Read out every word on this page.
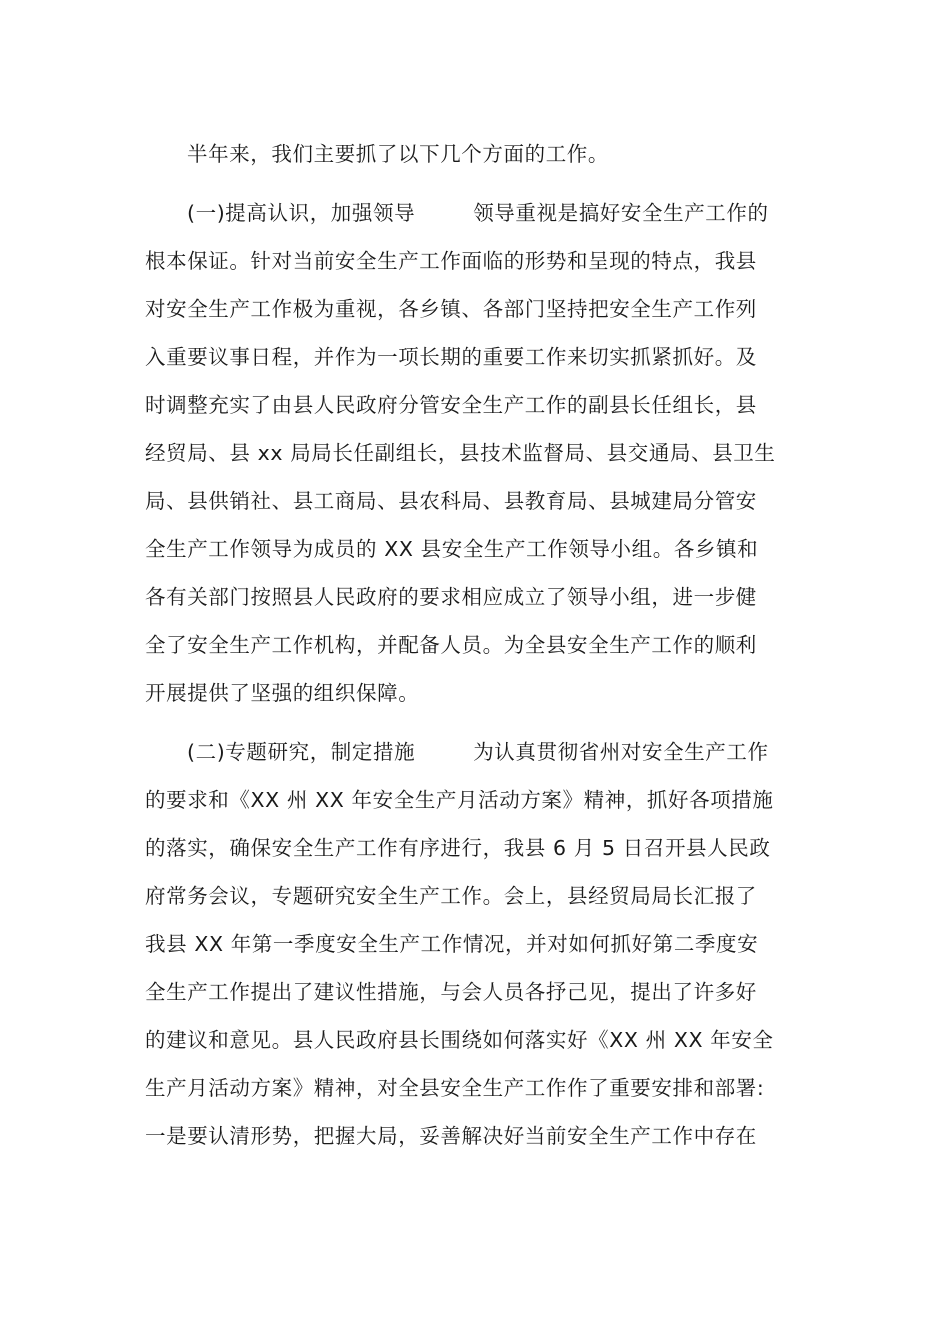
半年来，我们主要抓了以下几个方面的工作。
(一)提高认识，加强领导	领导重视是搞好安全生产工作的
根本保证。针对当前安全生产工作面临的形势和呈现的特点，我县
对安全生产工作极为重视，各乡镇、各部门坚持把安全生产工作列
入重要议事日程，并作为一项长期的重要工作来切实抓紧抓好。及
时调整充实了由县人民政府分管安全生产工作的副县长任组长，县
经贸局、县 xx 局局长任副组长，县技术监督局、县交通局、县卫生
局、县供销社、县工商局、县农科局、县教育局、县城建局分管安
全生产工作领导为成员的 XX 县安全生产工作领导小组。各乡镇和
各有关部门按照县人民政府的要求相应成立了领导小组，进一步健
全了安全生产工作机构，并配备人员。为全县安全生产工作的顺利
开展提供了坚强的组织保障。
(二)专题研究，制定措施	为认真贯彻省州对安全生产工作
的要求和《XX 州 XX 年安全生产月活动方案》精神，抓好各项措施
的落实，确保安全生产工作有序进行，我县 6 月 5 日召开县人民政
府常务会议，专题研究安全生产工作。会上，县经贸局局长汇报了
我县 XX 年第一季度安全生产工作情况，并对如何抓好第二季度安
全生产工作提出了建议性措施，与会人员各抒己见，提出了许多好
的建议和意见。县人民政府县长围绕如何落实好《XX 州 XX 年安全
生产月活动方案》精神，对全县安全生产工作作了重要安排和部署:
一是要认清形势，把握大局，妥善解决好当前安全生产工作中存在
